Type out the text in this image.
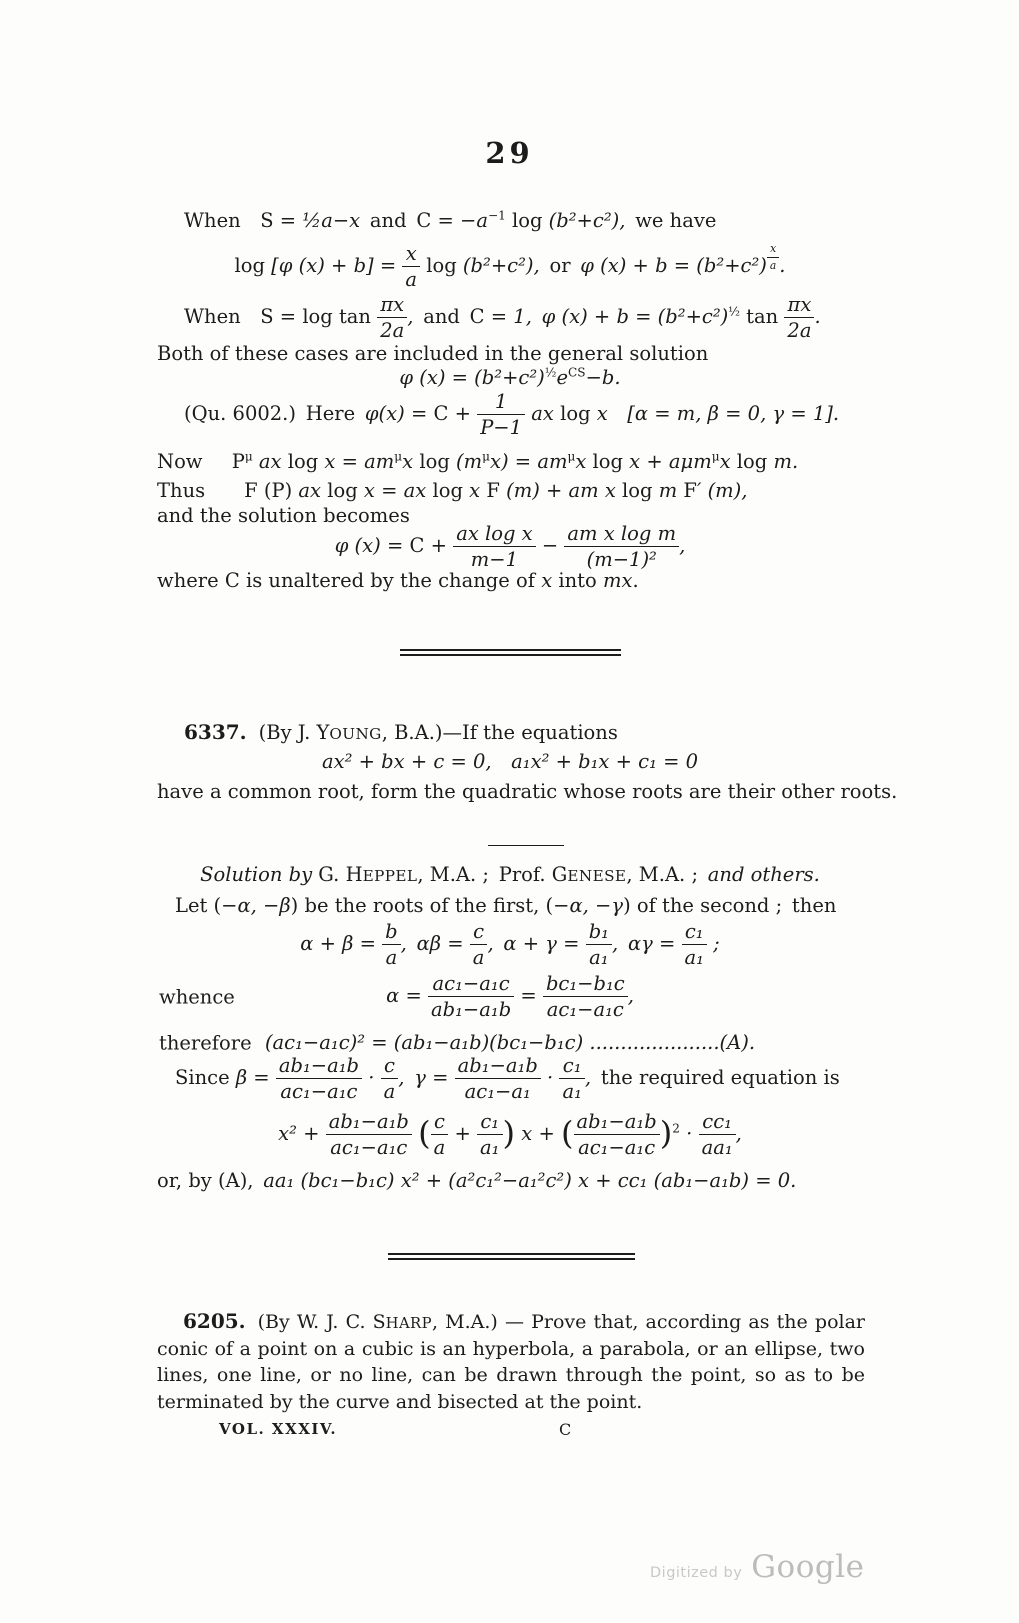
29
When  S = ½a−x and  $C = -a^{-1}$ log (b²+c²), we have
log [φ $(x) + b] = \frac{x}{a}$ log (b²+c²), or φ $(x) + b = (b^2+c^2) \frac{x}{a}$ .
When  $S = \log \tan \frac{\pi x}{2a}$ , and  C = 1, φ $(x) + b = (b^2+c^2)^{\frac{1}{2}}$ $\tan \frac{\pi x}{2a}$ .
Both of these cases are included in the general solution
φ $(x) = (b^2+c^2)^{\frac{1}{2}}e^{CS}-b$.
(Qu. 6002.)  Here $\varphi(x) = C + \frac{1}{P-1}$ ax log x  [α = m, β = 0, γ = 1].
Now   $P^\mu$ ax $\log x = am^\mu x$ $\log (m^\mu x) = am^\mu x$ log x + aμm$^\mu$x log m.
Thus   F (P) ax log x = ax log x F (m) + am x log m F′ (m),
and the solution becomes
φ $(x) = C + \frac{\text{ax log x}}{m-1} - \frac{\text{am x log m}}{\text{(m−1)²}}$ ,
where C is unaltered by the change of x into mx.
6337. (By J. YOUNG, B.A.)—If the equations
ax² + bx + c = 0, a₁x² + b₁x + c₁ = 0
have a common root, form the quadratic whose roots are their other roots.
Solution by G. HEPPEL, M.A. ; Prof. GENESE, M.A. ; and others.
Let (−α, −β) be the roots of the first, (−α, −γ) of the second ; then
$\alpha + \beta = \frac{b}{a}$ , $\alpha\beta = \frac{c}{a}$ , $\alpha + \gamma = \frac{\text{b₁}}{\text{a₁}}$ , $\alpha\gamma = \frac{\text{c₁}}{\text{a₁}}$ ;
whence	$\alpha = \frac{\text{ac₁−a₁c}}{\text{ab₁−a₁b}} = \frac{\text{bc₁−b₁c}}{\text{ac₁−a₁c}}$ ,
therefore (ac₁−a₁c)² = (ab₁−a₁b)(bc₁−b₁c) .....................(A).
Since $\beta = \frac{\text{ab₁−a₁b}}{\text{ac₁−a₁c}} \cdot \frac{c}{a}$ , $\gamma = \frac{\text{ab₁−a₁b}}{\text{ac₁−a₁}} \cdot \frac{\text{c₁}}{\text{a₁}}$ , the required equation is
$x^2 + \frac{\text{ab₁−a₁b}}{\text{ac₁−a₁c}}$ ( $\frac{c}{a} + \frac{\text{c₁}}{\text{a₁}}$ ) x + ( $\frac{\text{ab₁−a₁b}}{\text{ac₁−a₁c}} )^2 \cdot \frac{\text{cc₁}}{\text{aa₁}}$ ,
or, by (A), aa₁ (bc₁−b₁c) x² + (a²c₁²−a₁²c²) x + cc₁ (ab₁−a₁b) = 0.

6205. (By W. J. C. SHARP, M.A.) — Prove that, according as the polar conic of a point on a cubic is an hyperbola, a parabola, or an ellipse, two lines, one line, or no line, can be drawn through the point, so as to be terminated by the curve and bisected at the point.

VOL. XXXIV.	C
Digitized by Google
